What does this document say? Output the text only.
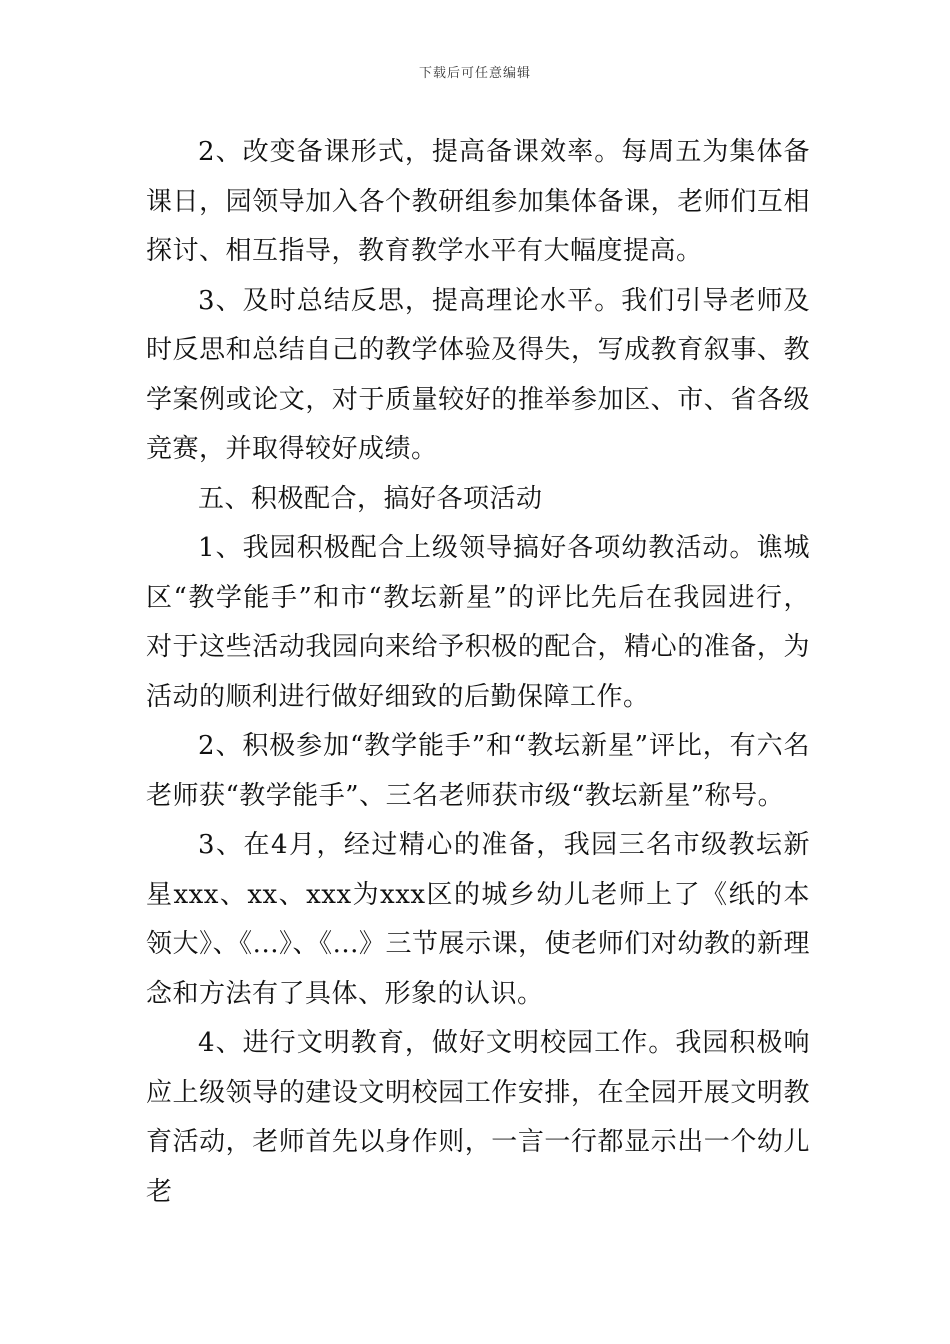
下载后可任意编辑

2、改变备课形式，提高备课效率。每周五为集体备课日，园领导加入各个教研组参加集体备课，老师们互相探讨、相互指导，教育教学水平有大幅度提高。

3、及时总结反思，提高理论水平。我们引导老师及时反思和总结自己的教学体验及得失，写成教育叙事、教学案例或论文，对于质量较好的推举参加区、市、省各级竞赛，并取得较好成绩。

五、积极配合，搞好各项活动

1、我园积极配合上级领导搞好各项幼教活动。谯城区“教学能手”和市“教坛新星”的评比先后在我园进行，对于这些活动我园向来给予积极的配合，精心的准备，为活动的顺利进行做好细致的后勤保障工作。

2、积极参加“教学能手”和“教坛新星”评比，有六名老师获“教学能手”、三名老师获市级“教坛新星”称号。

3、在4月，经过精心的准备，我园三名市级教坛新星xxx、xx、xxx为xxx区的城乡幼儿老师上了《纸的本领大》、《...》、《...》三节展示课，使老师们对幼教的新理念和方法有了具体、形象的认识。

4、进行文明教育，做好文明校园工作。我园积极响应上级领导的建设文明校园工作安排，在全园开展文明教育活动，老师首先以身作则，一言一行都显示出一个幼儿老
